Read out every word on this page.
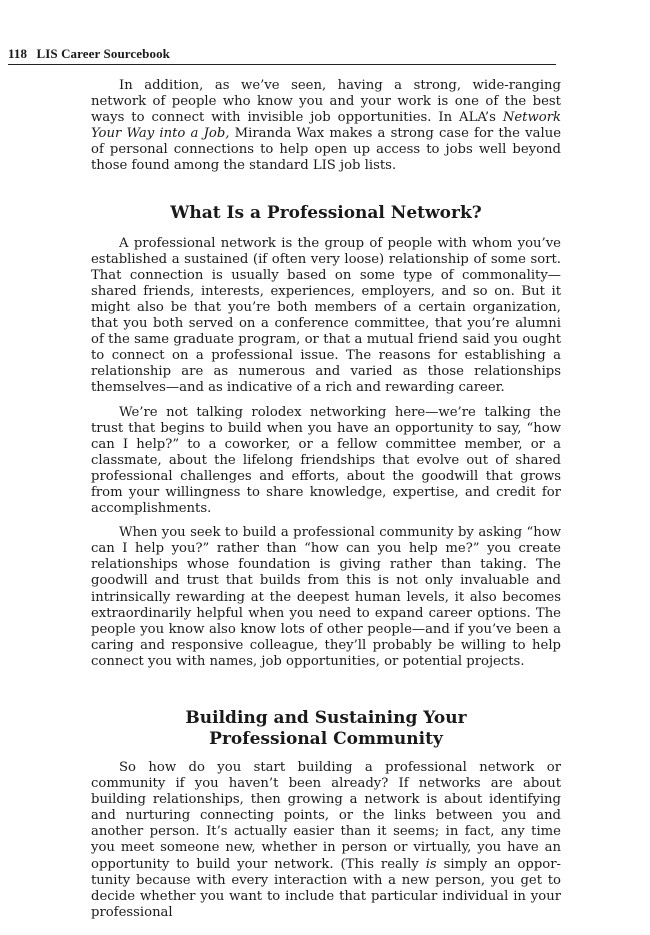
118 LIS Career Sourcebook

In addition, as we’ve seen, having a strong, wide-ranging network of people who know you and your work is one of the best ways to connect with invisible job opportunities. In ALA’s Network Your Way into a Job, Miranda Wax makes a strong case for the value of personal connections to help open up access to jobs well beyond those found among the standard LIS job lists.

What Is a Professional Network?

A professional network is the group of people with whom you’ve established a sustained (if often very loose) relationship of some sort. That connection is usually based on some type of commonality—shared friends, interests, experiences, employers, and so on. But it might also be that you’re both members of a certain organization, that you both served on a conference committee, that you’re alumni of the same graduate program, or that a mutual friend said you ought to connect on a professional issue. The reasons for establishing a relationship are as numerous and varied as those relationships themselves—and as indicative of a rich and rewarding career.

We’re not talking rolodex networking here—we’re talking the trust that begins to build when you have an opportunity to say, “how can I help?” to a coworker, or a fellow committee member, or a classmate, about the lifelong friendships that evolve out of shared professional challenges and efforts, about the goodwill that grows from your willingness to share knowledge, expertise, and credit for accomplishments.

When you seek to build a professional community by asking “how can I help you?” rather than “how can you help me?” you create relationships whose foundation is giving rather than taking. The goodwill and trust that builds from this is not only invaluable and intrinsically rewarding at the deepest human levels, it also becomes extraordinarily helpful when you need to expand career options. The people you know also know lots of other people—and if you’ve been a caring and responsive colleague, they’ll probably be willing to help connect you with names, job opportunities, or potential projects.

Building and Sustaining Your
Professional Community

So how do you start building a professional network or community if you haven’t been already? If networks are about building relationships, then growing a network is about identifying and nurturing connecting points, or the links between you and another person. It’s actually easier than it seems; in fact, any time you meet someone new, whether in person or virtually, you have an opportunity to build your network. (This really is simply an opportunity because with every interaction with a new person, you get to decide whether you want to include that particular individual in your professional
